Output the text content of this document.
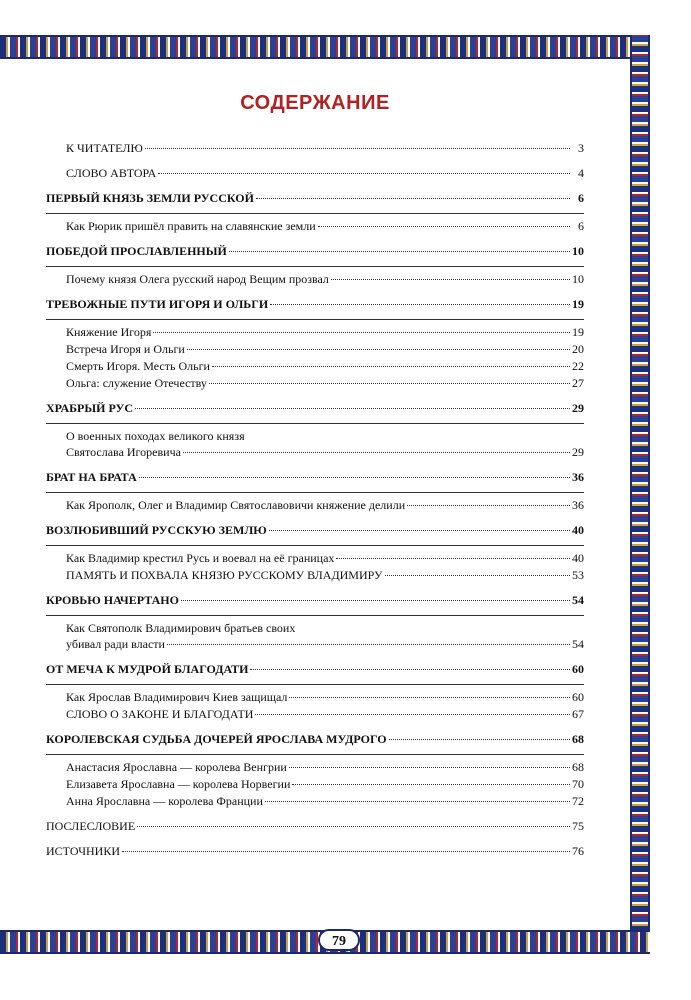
79
СОДЕРЖАНИЕ
К ЧИТАТЕЛЮ	3
СЛОВО АВТОРА	4
ПЕРВЫЙ КНЯЗЬ ЗЕМЛИ РУССКОЙ	6
Как Рюрик пришёл править на славянские земли	6
ПОБЕДОЙ ПРОСЛАВЛЕННЫЙ	10
Почему князя Олега русский народ Вещим прозвал	10
ТРЕВОЖНЫЕ ПУТИ ИГОРЯ И ОЛЬГИ	19
Княжение Игоря	19
Встреча Игоря и Ольги	20
Смерть Игоря. Месть Ольги	22
Ольга: служение Отечеству	27
ХРАБРЫЙ РУС	29
О военных походах великого князя
Святослава Игоревича	29
БРАТ НА БРАТА	36
Как Ярополк, Олег и Владимир Святославовичи княжение делили	36
ВОЗЛЮБИВШИЙ РУССКУЮ ЗЕМЛЮ	40
Как Владимир крестил Русь и воевал на её границах	40
ПАМЯТЬ И ПОХВАЛА КНЯЗЮ РУССКОМУ ВЛАДИМИРУ	53
КРОВЬЮ НАЧЕРТАНО	54
Как Святополк Владимирович братьев своих
убивал ради власти	54
ОТ МЕЧА К МУДРОЙ БЛАГОДАТИ	60
Как Ярослав Владимирович Киев защищал	60
СЛОВО О ЗАКОНЕ И БЛАГОДАТИ	67
КОРОЛЕВСКАЯ СУДЬБА ДОЧЕРЕЙ ЯРОСЛАВА МУДРОГО	68
Анастасия Ярославна — королева Венгрии	68
Елизавета Ярославна — королева Норвегии	70
Анна Ярославна — королева Франции	72
ПОСЛЕСЛОВИЕ	75
ИСТОЧНИКИ	76
